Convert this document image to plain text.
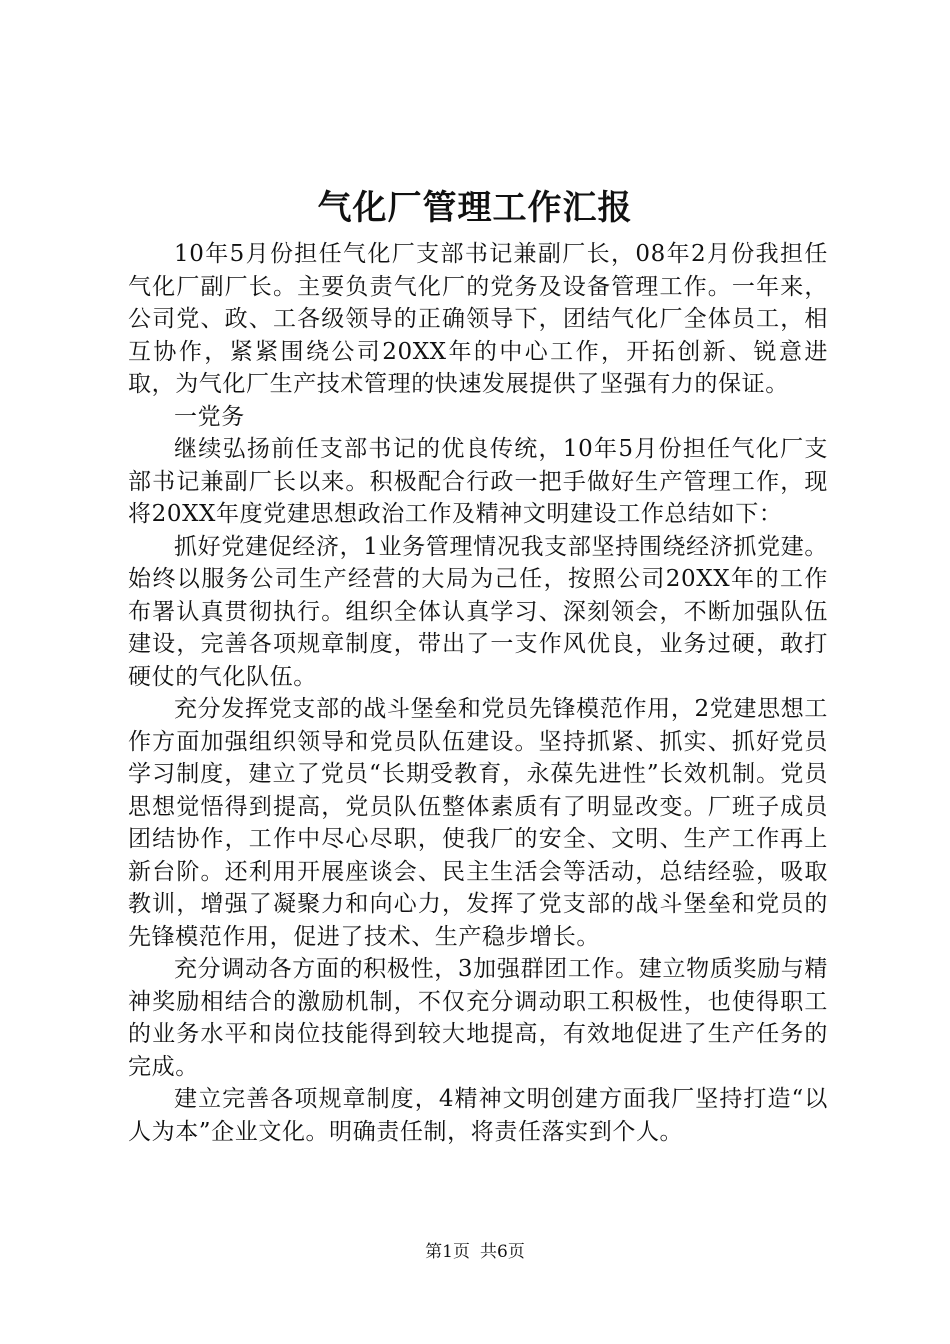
气化厂管理工作汇报

10年5月份担任气化厂支部书记兼副厂长，08年2月份我担任气化厂副厂长。主要负责气化厂的党务及设备管理工作。一年来，公司党、政、工各级领导的正确领导下，团结气化厂全体员工，相互协作，紧紧围绕公司20XX年的中心工作，开拓创新、锐意进取，为气化厂生产技术管理的快速发展提供了坚强有力的保证。

一党务

继续弘扬前任支部书记的优良传统，10年5月份担任气化厂支部书记兼副厂长以来。积极配合行政一把手做好生产管理工作，现将20XX年度党建思想政治工作及精神文明建设工作总结如下：

抓好党建促经济，1业务管理情况我支部坚持围绕经济抓党建。始终以服务公司生产经营的大局为己任，按照公司20XX年的工作布署认真贯彻执行。组织全体认真学习、深刻领会，不断加强队伍建设，完善各项规章制度，带出了一支作风优良，业务过硬，敢打硬仗的气化队伍。

充分发挥党支部的战斗堡垒和党员先锋模范作用，2党建思想工作方面加强组织领导和党员队伍建设。坚持抓紧、抓实、抓好党员学习制度，建立了党员“长期受教育，永葆先进性”长效机制。党员思想觉悟得到提高，党员队伍整体素质有了明显改变。厂班子成员团结协作，工作中尽心尽职，使我厂的安全、文明、生产工作再上新台阶。还利用开展座谈会、民主生活会等活动，总结经验，吸取教训，增强了凝聚力和向心力，发挥了党支部的战斗堡垒和党员的先锋模范作用，促进了技术、生产稳步增长。

充分调动各方面的积极性，3加强群团工作。建立物质奖励与精神奖励相结合的激励机制，不仅充分调动职工积极性，也使得职工的业务水平和岗位技能得到较大地提高，有效地促进了生产任务的完成。

建立完善各项规章制度，4精神文明创建方面我厂坚持打造“以人为本”企业文化。明确责任制，将责任落实到个人。

第1页 共6页
